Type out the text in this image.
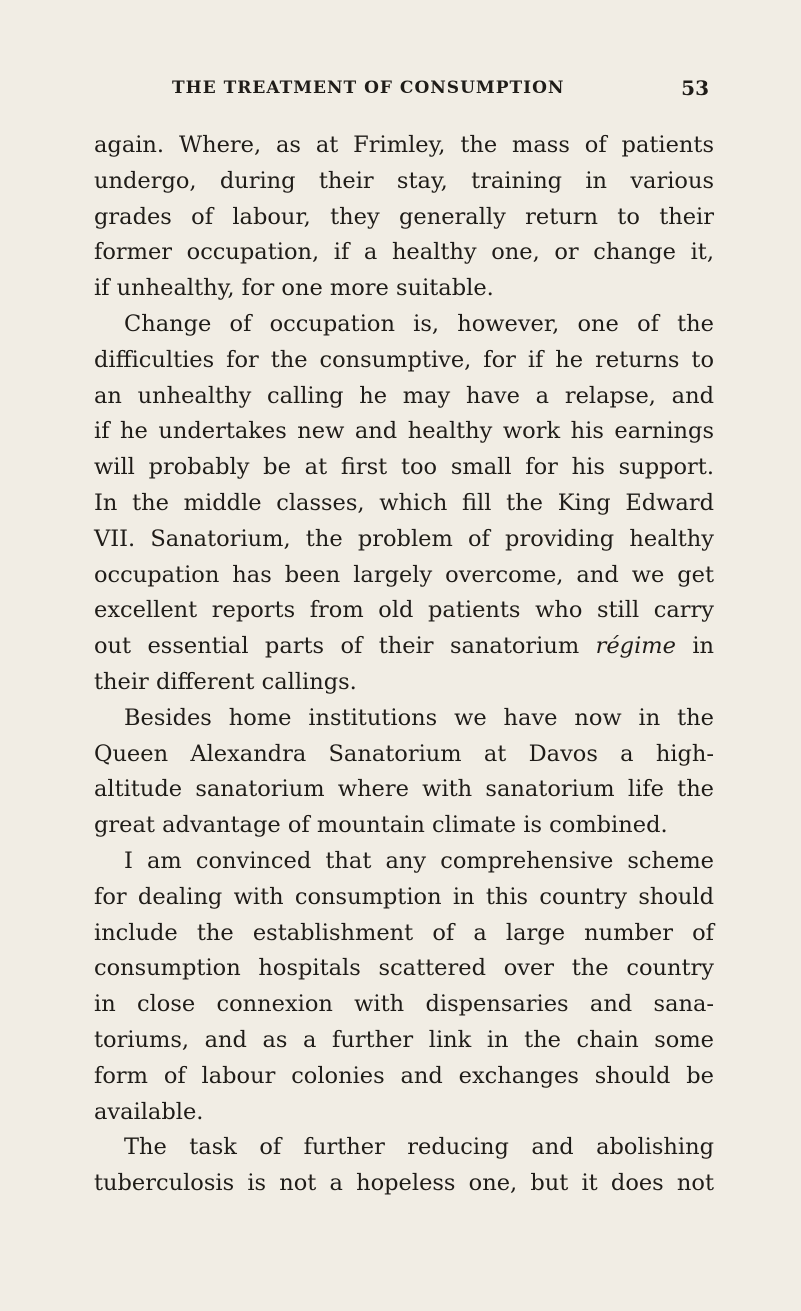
THE TREATMENT OF CONSUMPTION	53
again. Where, as at Frimley, the mass of patients
undergo, during their stay, training in various
grades of labour, they generally return to their
former occupation, if a healthy one, or change it,
if unhealthy, for one more suitable.
Change of occupation is, however, one of the
difficulties for the consumptive, for if he returns to
an unhealthy calling he may have a relapse, and
if he undertakes new and healthy work his earnings
will probably be at first too small for his support.
In the middle classes, which fill the King Edward
VII. Sanatorium, the problem of providing healthy
occupation has been largely overcome, and we get
excellent reports from old patients who still carry
out essential parts of their sanatorium régime in
their different callings.
Besides home institutions we have now in the
Queen Alexandra Sanatorium at Davos a high-
altitude sanatorium where with sanatorium life the
great advantage of mountain climate is combined.
I am convinced that any comprehensive scheme
for dealing with consumption in this country should
include the establishment of a large number of
consumption hospitals scattered over the country
in close connexion with dispensaries and sana-
toriums, and as a further link in the chain some
form of labour colonies and exchanges should be
available.
The task of further reducing and abolishing
tuberculosis is not a hopeless one, but it does not
